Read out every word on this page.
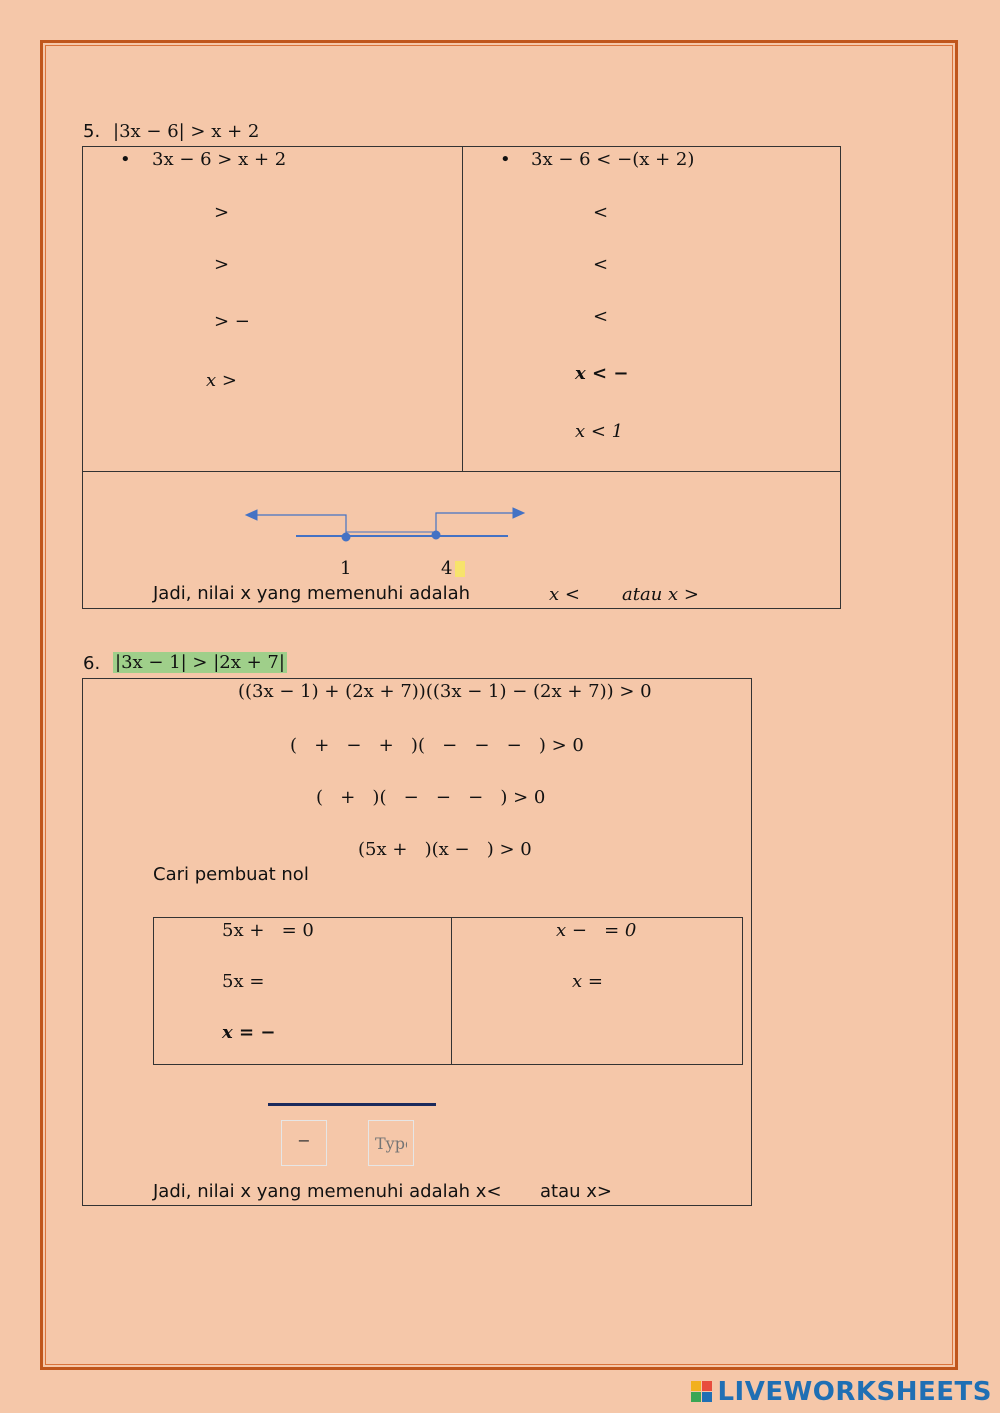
5. |3x − 6| > x + 2
• 3x − 6 > x + 2
>
>
> −
x >
• 3x − 6 < −(x + 2)
<
<
<
x < −
x < 1
1	4
Jadi, nilai x yang memenuhi adalah	x < atau x >
6. |3x − 1| > |2x + 7|
((3x − 1) + (2x + 7))((3x − 1) − (2x + 7)) > 0
(   +   −   +   )(   −   −   −   ) > 0
(   +   )(   −   −   −   ) > 0
(5x +   )(x −   ) > 0
Cari pembuat nol
5x +   = 0
5x =
x = −
x −   = 0
x =
−
Type
Jadi, nilai x yang memenuhi adalah x< atau x>
LIVEWORKSHEETS
